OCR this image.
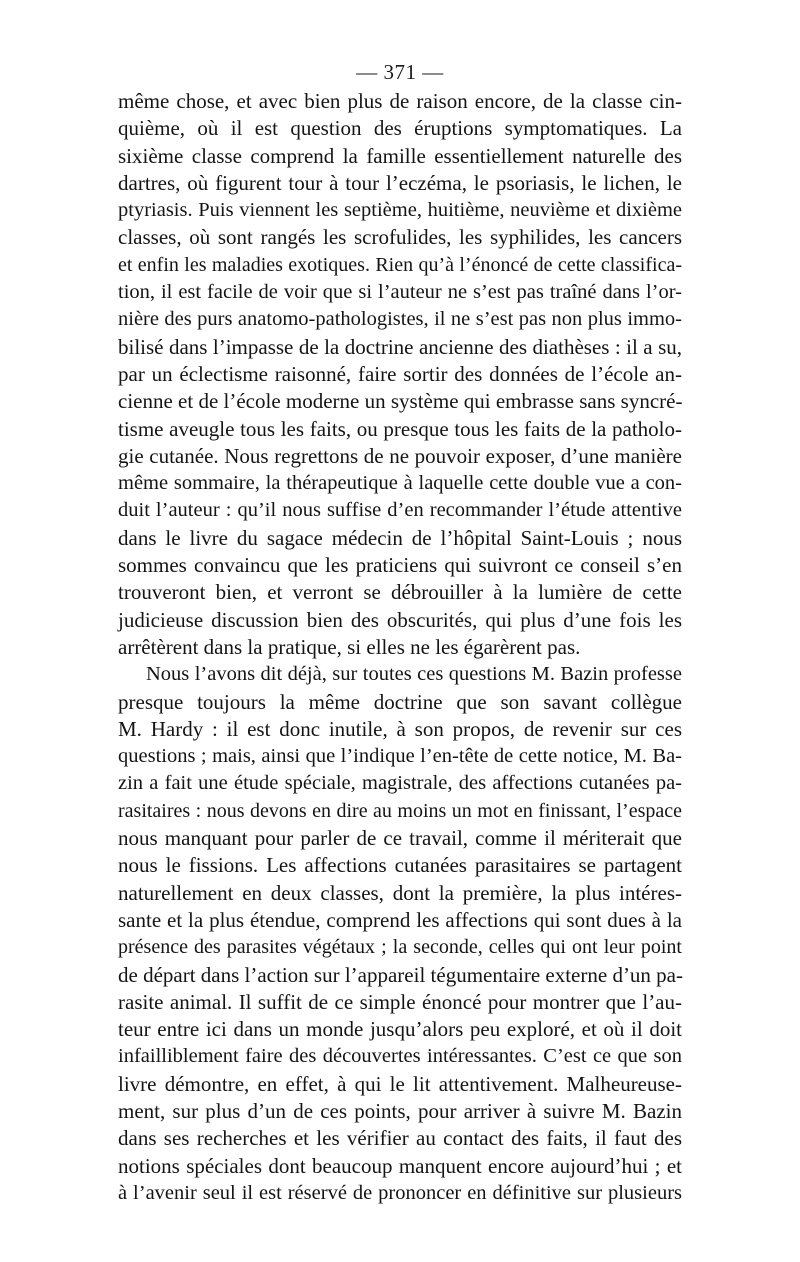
— 371 —
même chose, et avec bien plus de raison encore, de la classe cin-
quième, où il est question des éruptions symptomatiques. La
sixième classe comprend la famille essentiellement naturelle des
dartres, où figurent tour à tour l’eczéma, le psoriasis, le lichen, le
ptyriasis. Puis viennent les septième, huitième, neuvième et dixième
classes, où sont rangés les scrofulides, les syphilides, les cancers
et enfin les maladies exotiques. Rien qu’à l’énoncé de cette classifica-
tion, il est facile de voir que si l’auteur ne s’est pas traîné dans l’or-
nière des purs anatomo-pathologistes, il ne s’est pas non plus immo-
bilisé dans l’impasse de la doctrine ancienne des diathèses : il a su,
par un éclectisme raisonné, faire sortir des données de l’école an-
cienne et de l’école moderne un système qui embrasse sans syncré-
tisme aveugle tous les faits, ou presque tous les faits de la patholo-
gie cutanée. Nous regrettons de ne pouvoir exposer, d’une manière
même sommaire, la thérapeutique à laquelle cette double vue a con-
duit l’auteur : qu’il nous suffise d’en recommander l’étude attentive
dans le livre du sagace médecin de l’hôpital Saint-Louis ; nous
sommes convaincu que les praticiens qui suivront ce conseil s’en
trouveront bien, et verront se débrouiller à la lumière de cette
judicieuse discussion bien des obscurités, qui plus d’une fois les
arrêtèrent dans la pratique, si elles ne les égarèrent pas.
Nous l’avons dit déjà, sur toutes ces questions M. Bazin professe
presque toujours la même doctrine que son savant collègue
M. Hardy : il est donc inutile, à son propos, de revenir sur ces
questions ; mais, ainsi que l’indique l’en-tête de cette notice, M. Ba-
zin a fait une étude spéciale, magistrale, des affections cutanées pa-
rasitaires : nous devons en dire au moins un mot en finissant, l’espace
nous manquant pour parler de ce travail, comme il mériterait que
nous le fissions. Les affections cutanées parasitaires se partagent
naturellement en deux classes, dont la première, la plus intéres-
sante et la plus étendue, comprend les affections qui sont dues à la
présence des parasites végétaux ; la seconde, celles qui ont leur point
de départ dans l’action sur l’appareil tégumentaire externe d’un pa-
rasite animal. Il suffit de ce simple énoncé pour montrer que l’au-
teur entre ici dans un monde jusqu’alors peu exploré, et où il doit
infailliblement faire des découvertes intéressantes. C’est ce que son
livre démontre, en effet, à qui le lit attentivement. Malheureuse-
ment, sur plus d’un de ces points, pour arriver à suivre M. Bazin
dans ses recherches et les vérifier au contact des faits, il faut des
notions spéciales dont beaucoup manquent encore aujourd’hui ; et
à l’avenir seul il est réservé de prononcer en définitive sur plusieurs
